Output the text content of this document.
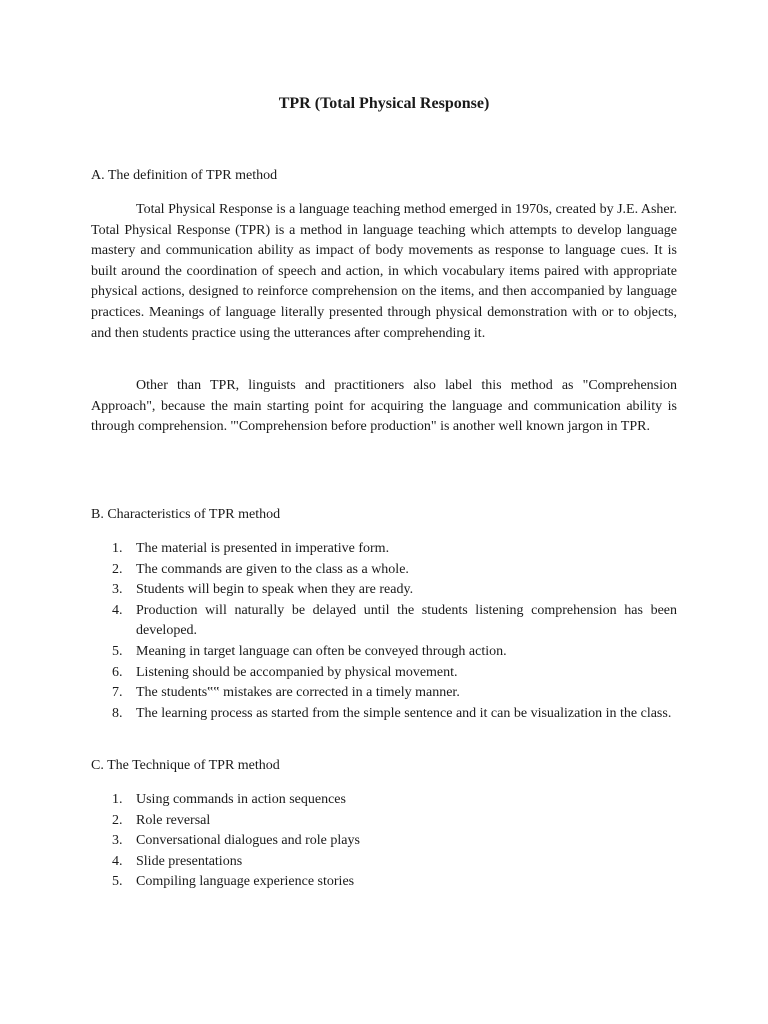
TPR (Total Physical Response)
A. The definition of TPR method

Total Physical Response is a language teaching method emerged in 1970s, created by J.E. Asher. Total Physical Response (TPR) is a method in language teaching which attempts to develop language mastery and communication ability as impact of body movements as response to language cues. It is built around the coordination of speech and action, in which vocabulary items paired with appropriate physical actions, designed to reinforce comprehension on the items, and then accompanied by language practices. Meanings of language literally presented through physical demonstration with or to objects, and then students practice using the utterances after comprehending it.

Other than TPR, linguists and practitioners also label this method as "Comprehension Approach", because the main starting point for acquiring the language and communication ability is through comprehension. '"Comprehension before production" is another well known jargon in TPR.

B. Characteristics of TPR method
1. The material is presented in imperative form.
2. The commands are given to the class as a whole.
3. Students will begin to speak when they are ready.
4. Production will naturally be delayed until the students listening comprehension has been developed.
5. Meaning in target language can often be conveyed through action.
6. Listening should be accompanied by physical movement.
7. The students‟‟ mistakes are corrected in a timely manner.
8. The learning process as started from the simple sentence and it can be visualization in the class.
C. The Technique of TPR method
1. Using commands in action sequences
2. Role reversal
3. Conversational dialogues and role plays
4. Slide presentations
5. Compiling language experience stories
